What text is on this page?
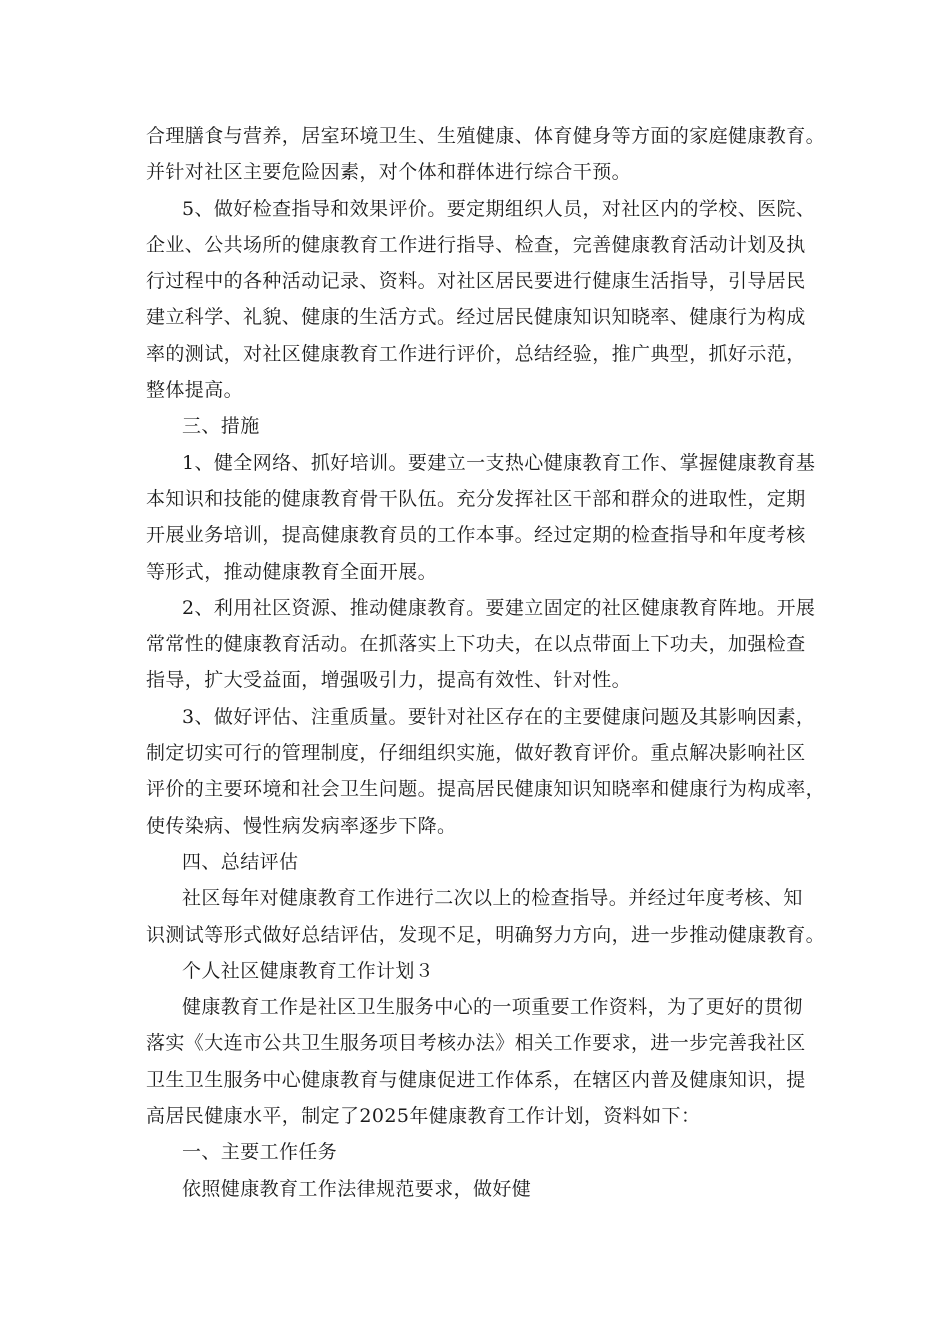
合理膳食与营养，居室环境卫生、生殖健康、体育健身等方面的家庭健康教育。
并针对社区主要危险因素，对个体和群体进行综合干预。
5、做好检查指导和效果评价。要定期组织人员，对社区内的学校、医院、
企业、公共场所的健康教育工作进行指导、检查，完善健康教育活动计划及执
行过程中的各种活动记录、资料。对社区居民要进行健康生活指导，引导居民
建立科学、礼貌、健康的生活方式。经过居民健康知识知晓率、健康行为构成
率的测试，对社区健康教育工作进行评价，总结经验，推广典型，抓好示范，
整体提高。
三、措施
1、健全网络、抓好培训。要建立一支热心健康教育工作、掌握健康教育基
本知识和技能的健康教育骨干队伍。充分发挥社区干部和群众的进取性，定期
开展业务培训，提高健康教育员的工作本事。经过定期的检查指导和年度考核
等形式，推动健康教育全面开展。
2、利用社区资源、推动健康教育。要建立固定的社区健康教育阵地。开展
常常性的健康教育活动。在抓落实上下功夫，在以点带面上下功夫，加强检查
指导，扩大受益面，增强吸引力，提高有效性、针对性。
3、做好评估、注重质量。要针对社区存在的主要健康问题及其影响因素，
制定切实可行的管理制度，仔细组织实施，做好教育评价。重点解决影响社区
评价的主要环境和社会卫生问题。提高居民健康知识知晓率和健康行为构成率，
使传染病、慢性病发病率逐步下降。
四、总结评估
社区每年对健康教育工作进行二次以上的检查指导。并经过年度考核、知
识测试等形式做好总结评估，发现不足，明确努力方向，进一步推动健康教育。
个人社区健康教育工作计划３
健康教育工作是社区卫生服务中心的一项重要工作资料，为了更好的贯彻
落实《大连市公共卫生服务项目考核办法》相关工作要求，进一步完善我社区
卫生卫生服务中心健康教育与健康促进工作体系，在辖区内普及健康知识，提
高居民健康水平，制定了2025年健康教育工作计划，资料如下：
一、主要工作任务
依照健康教育工作法律规范要求，做好健
